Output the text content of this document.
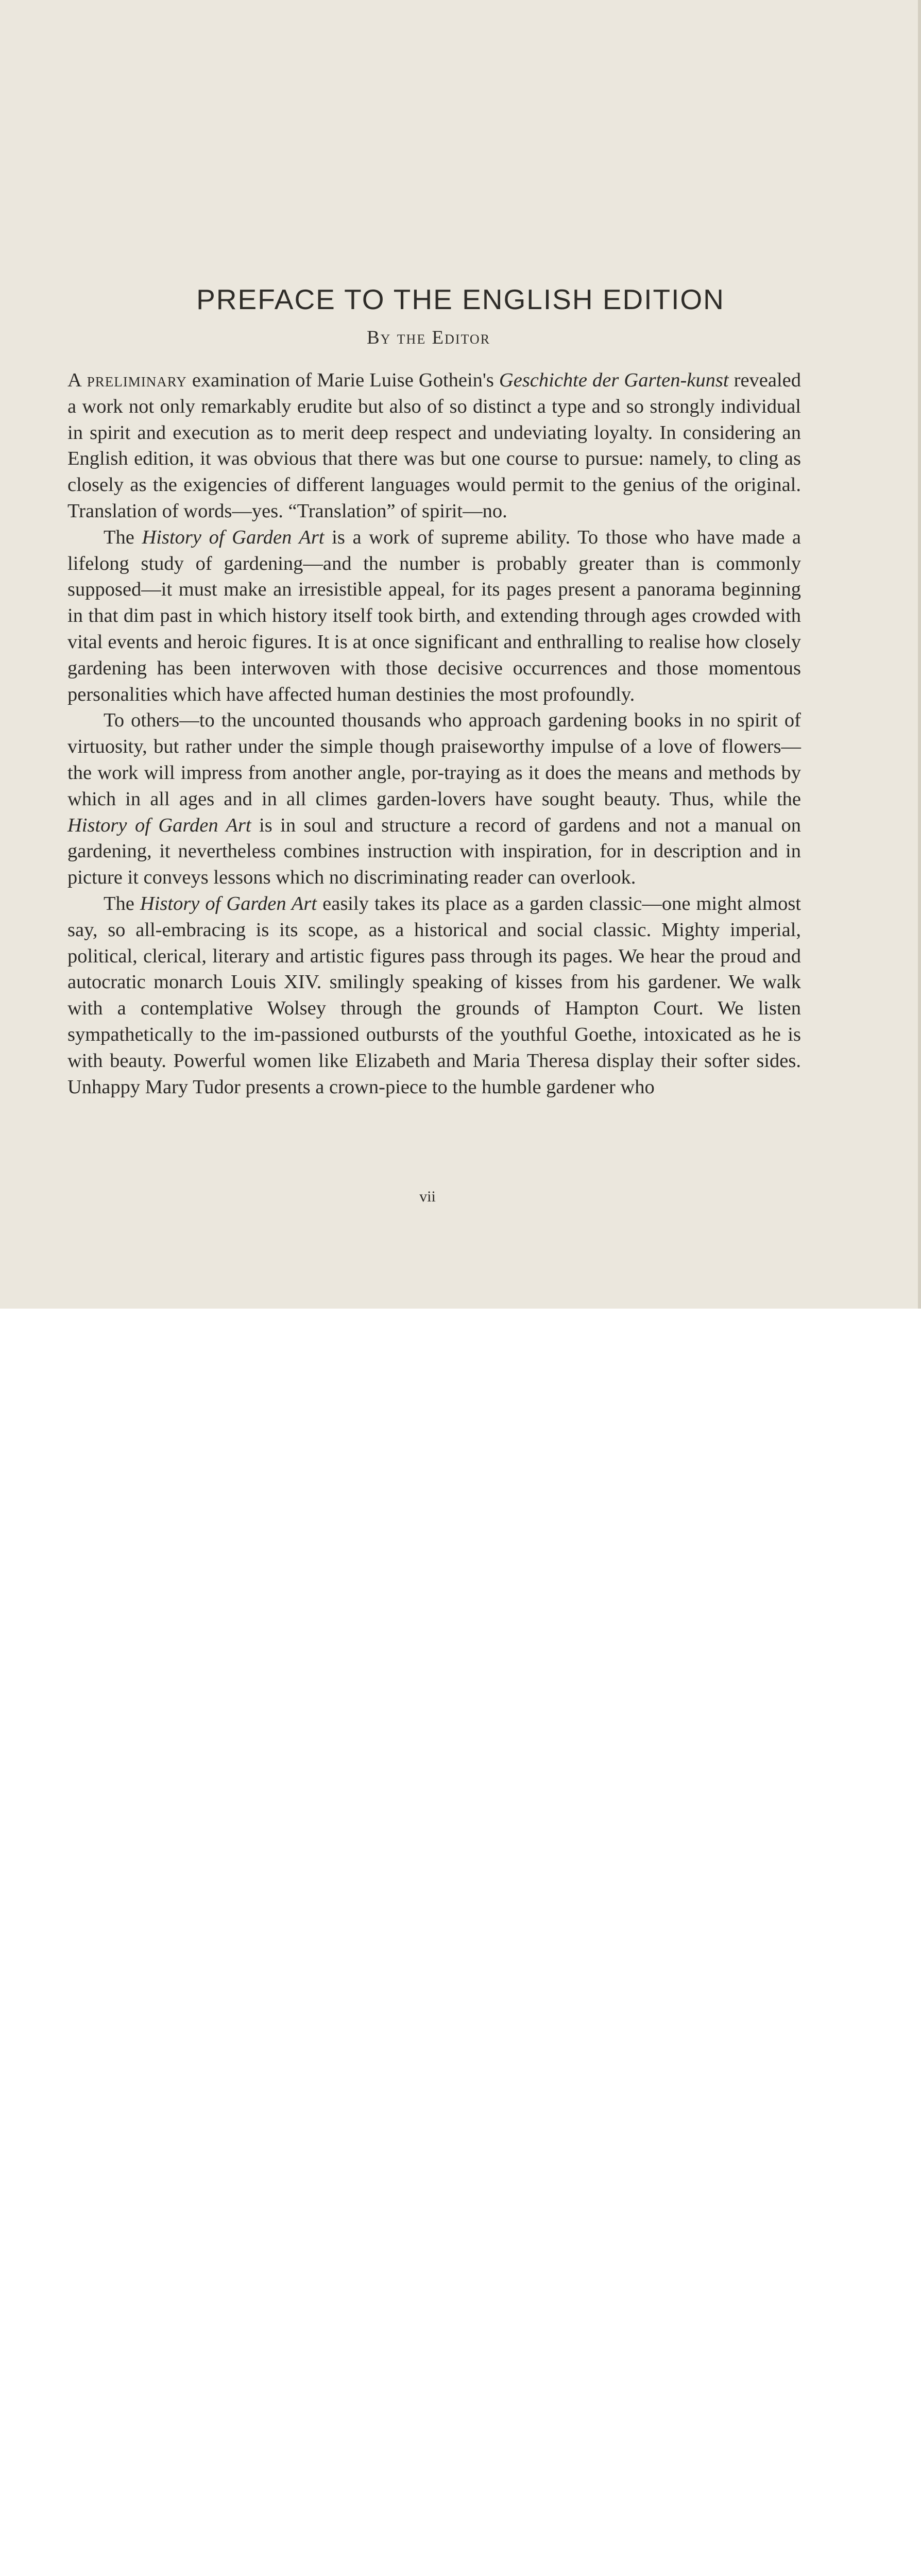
PREFACE TO THE ENGLISH EDITION
By the Editor

A preliminary examination of Marie Luise Gothein's Geschichte der Garten-kunst revealed a work not only remarkably erudite but also of so distinct a type and so strongly individual in spirit and execution as to merit deep respect and undeviating loyalty. In considering an English edition, it was obvious that there was but one course to pursue: namely, to cling as closely as the exigencies of different languages would permit to the genius of the original. Translation of words—yes. “Translation” of spirit—no.

The History of Garden Art is a work of supreme ability. To those who have made a lifelong study of gardening—and the number is probably greater than is commonly supposed—it must make an irresistible appeal, for its pages present a panorama beginning in that dim past in which history itself took birth, and extending through ages crowded with vital events and heroic figures. It is at once significant and enthralling to realise how closely gardening has been interwoven with those decisive occurrences and those momentous personalities which have affected human destinies the most profoundly.

To others—to the uncounted thousands who approach gardening books in no spirit of virtuosity, but rather under the simple though praiseworthy impulse of a love of flowers—the work will impress from another angle, por-traying as it does the means and methods by which in all ages and in all climes garden-lovers have sought beauty. Thus, while the History of Garden Art is in soul and structure a record of gardens and not a manual on gardening, it nevertheless combines instruction with inspiration, for in description and in picture it conveys lessons which no discriminating reader can overlook.

The History of Garden Art easily takes its place as a garden classic—one might almost say, so all-embracing is its scope, as a historical and social classic. Mighty imperial, political, clerical, literary and artistic figures pass through its pages. We hear the proud and autocratic monarch Louis XIV. smilingly speaking of kisses from his gardener. We walk with a contemplative Wolsey through the grounds of Hampton Court. We listen sympathetically to the im-passioned outbursts of the youthful Goethe, intoxicated as he is with beauty. Powerful women like Elizabeth and Maria Theresa display their softer sides. Unhappy Mary Tudor presents a crown-piece to the humble gardener who

vii
